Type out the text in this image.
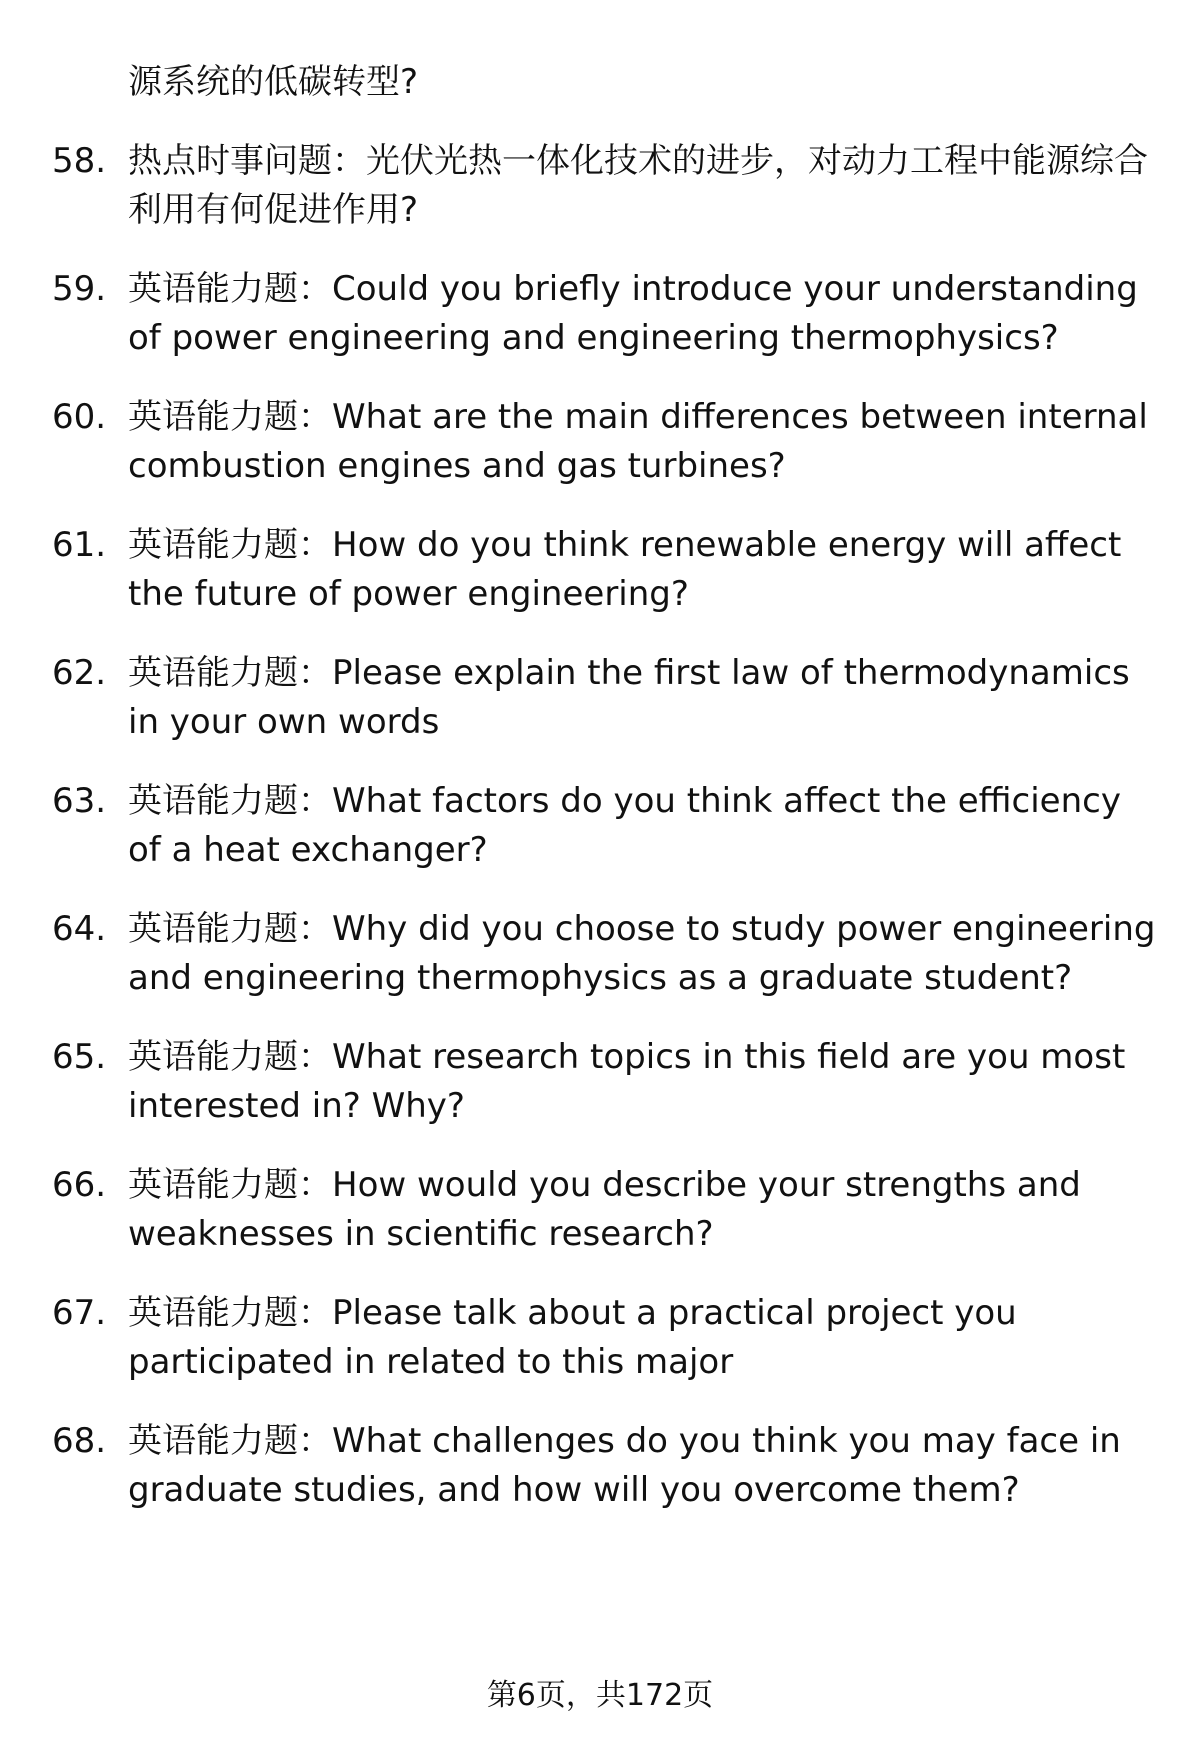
源系统的低碳转型?
58. 热点时事问题：光伏光热一体化技术的进步，对动力工程中能源综合利用有何促进作用?
59. 英语能力题：Could you briefly introduce your understanding of power engineering and engineering thermophysics?
60. 英语能力题：What are the main differences between internal combustion engines and gas turbines?
61. 英语能力题：How do you think renewable energy will affect the future of power engineering?
62. 英语能力题：Please explain the first law of thermodynamics in your own words
63. 英语能力题：What factors do you think affect the efficiency of a heat exchanger?
64. 英语能力题：Why did you choose to study power engineering and engineering thermophysics as a graduate student?
65. 英语能力题：What research topics in this field are you most interested in? Why?
66. 英语能力题：How would you describe your strengths and weaknesses in scientific research?
67. 英语能力题：Please talk about a practical project you participated in related to this major
68. 英语能力题：What challenges do you think you may face in graduate studies, and how will you overcome them?
第6页，共172页
